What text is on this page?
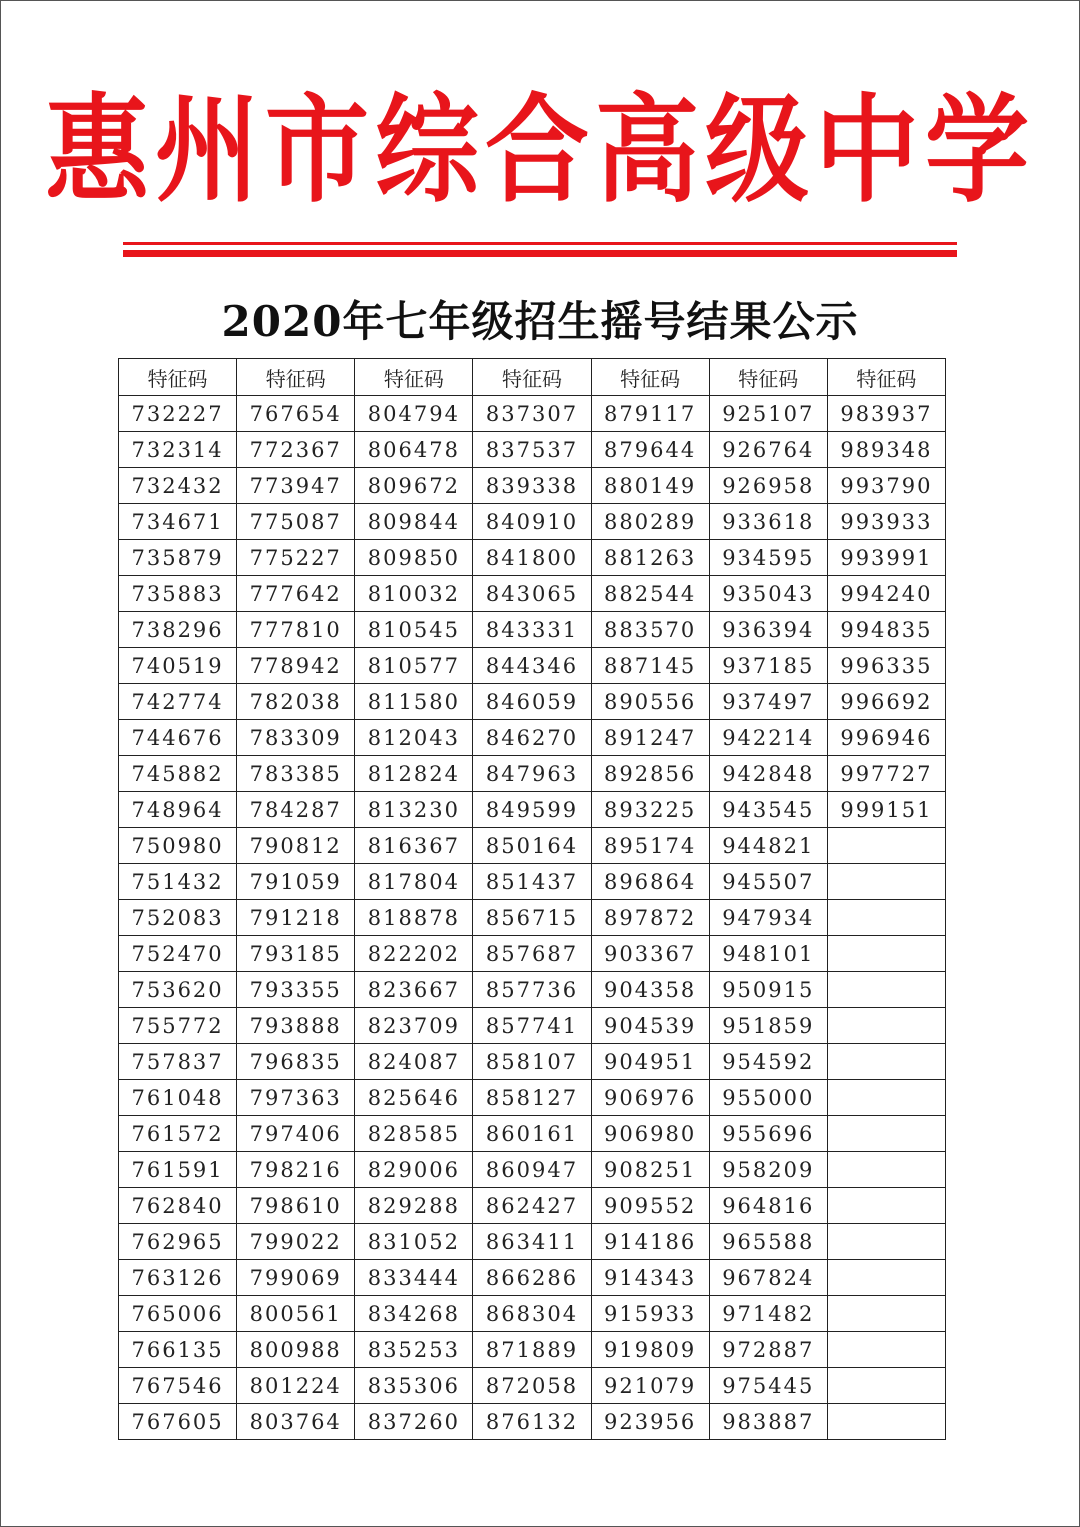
惠州市综合高级中学
2020年七年级招生摇号结果公示
特征码	特征码	特征码	特征码	特征码	特征码	特征码
732227	767654	804794	837307	879117	925107	983937
732314	772367	806478	837537	879644	926764	989348
732432	773947	809672	839338	880149	926958	993790
734671	775087	809844	840910	880289	933618	993933
735879	775227	809850	841800	881263	934595	993991
735883	777642	810032	843065	882544	935043	994240
738296	777810	810545	843331	883570	936394	994835
740519	778942	810577	844346	887145	937185	996335
742774	782038	811580	846059	890556	937497	996692
744676	783309	812043	846270	891247	942214	996946
745882	783385	812824	847963	892856	942848	997727
748964	784287	813230	849599	893225	943545	999151
750980	790812	816367	850164	895174	944821	
751432	791059	817804	851437	896864	945507	
752083	791218	818878	856715	897872	947934	
752470	793185	822202	857687	903367	948101	
753620	793355	823667	857736	904358	950915	
755772	793888	823709	857741	904539	951859	
757837	796835	824087	858107	904951	954592	
761048	797363	825646	858127	906976	955000	
761572	797406	828585	860161	906980	955696	
761591	798216	829006	860947	908251	958209	
762840	798610	829288	862427	909552	964816	
762965	799022	831052	863411	914186	965588	
763126	799069	833444	866286	914343	967824	
765006	800561	834268	868304	915933	971482	
766135	800988	835253	871889	919809	972887	
767546	801224	835306	872058	921079	975445	
767605	803764	837260	876132	923956	983887	
